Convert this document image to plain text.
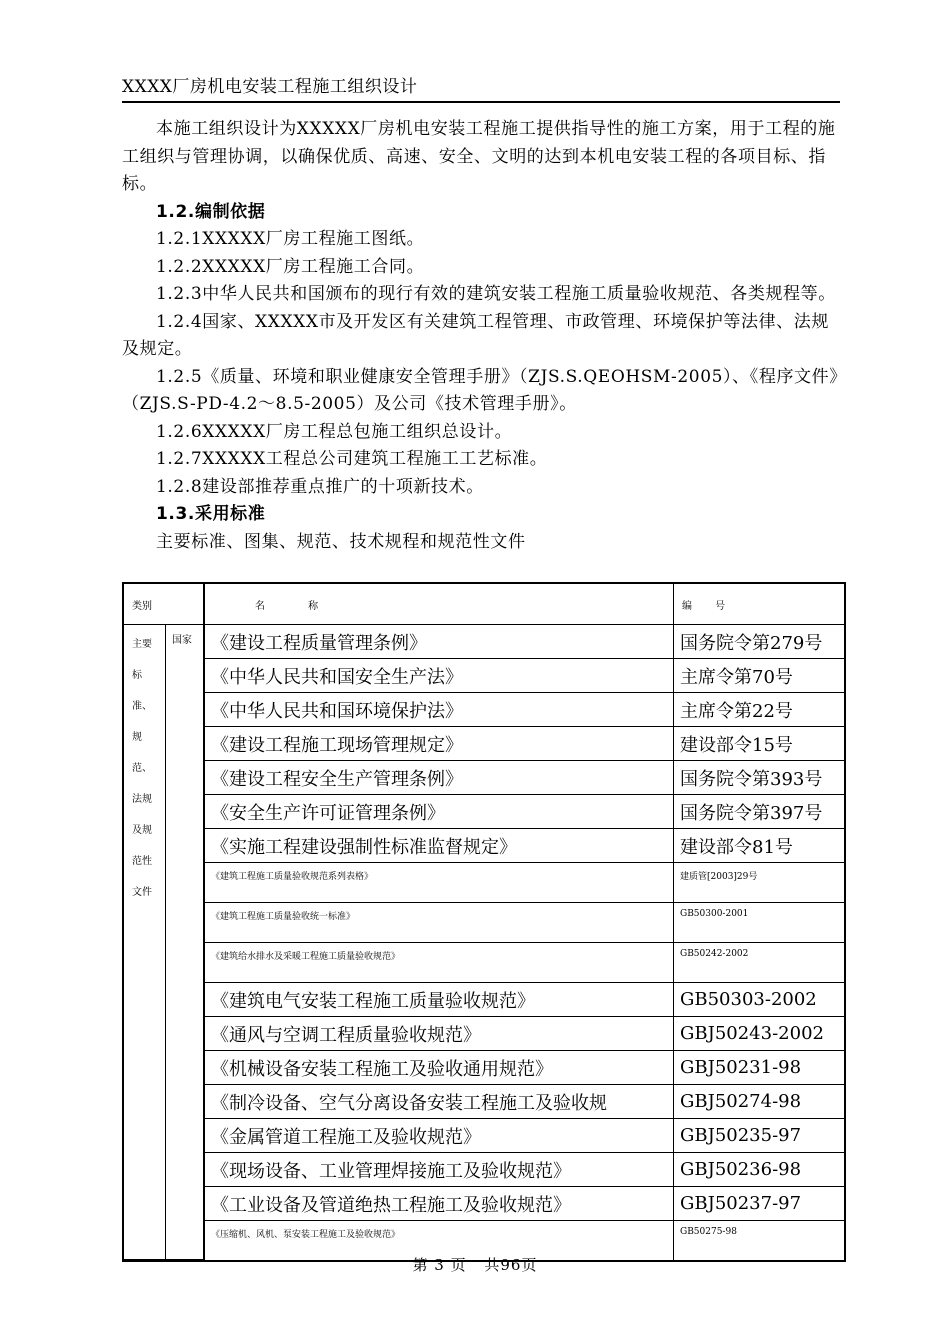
XXXX厂房机电安装工程施工组织设计

本施工组织设计为XXXXX厂房机电安装工程施工提供指导性的施工方案，用于工程的施工组织与管理协调，以确保优质、高速、安全、文明的达到本机电安装工程的各项目标、指标。

1.2.编制依据

1.2.1XXXXX厂房工程施工图纸。

1.2.2XXXXX厂房工程施工合同。

1.2.3中华人民共和国颁布的现行有效的建筑安装工程施工质量验收规范、各类规程等。

1.2.4国家、XXXXX市及开发区有关建筑工程管理、市政管理、环境保护等法律、法规及规定。

1.2.5《质量、环境和职业健康安全管理手册》（ZJS.S.QEOHSM-2005）、《程序文件》（ZJS.S-PD-4.2～8.5-2005）及公司《技术管理手册》。

1.2.6XXXXX厂房工程总包施工组织总设计。

1.2.7XXXXX工程总公司建筑工程施工工艺标准。

1.2.8建设部推荐重点推广的十项新技术。

1.3.采用标准

主要标准、图集、规范、技术规程和规范性文件

类别		名 称	编 号
主要标准、规范、法规及规范性文件	国家	《建设工程质量管理条例》	国务院令第279号
		《中华人民共和国安全生产法》	主席令第70号
		《中华人民共和国环境保护法》	主席令第22号
		《建设工程施工现场管理规定》	建设部令15号
		《建设工程安全生产管理条例》	国务院令第393号
		《安全生产许可证管理条例》	国务院令第397号
		《实施工程建设强制性标准监督规定》	建设部令81号
		《建筑工程施工质量验收规范系列表格》	建质管[2003]29号
		《建筑工程施工质量验收统一标准》	GB50300-2001
		《建筑给水排水及采暖工程施工质量验收规范》	GB50242-2002
		《建筑电气安装工程施工质量验收规范》	GB50303-2002
		《通风与空调工程质量验收规范》	GBJ50243-2002
		《机械设备安装工程施工及验收通用规范》	GBJ50231-98
		《制冷设备、空气分离设备安装工程施工及验收规	GBJ50274-98
		《金属管道工程施工及验收规范》	GBJ50235-97
		《现场设备、工业管理焊接施工及验收规范》	GBJ50236-98
		《工业设备及管道绝热工程施工及验收规范》	GBJ50237-97
		《压缩机、风机、泵安装工程施工及验收规范》	GB50275-98
第 3 页 共96页
